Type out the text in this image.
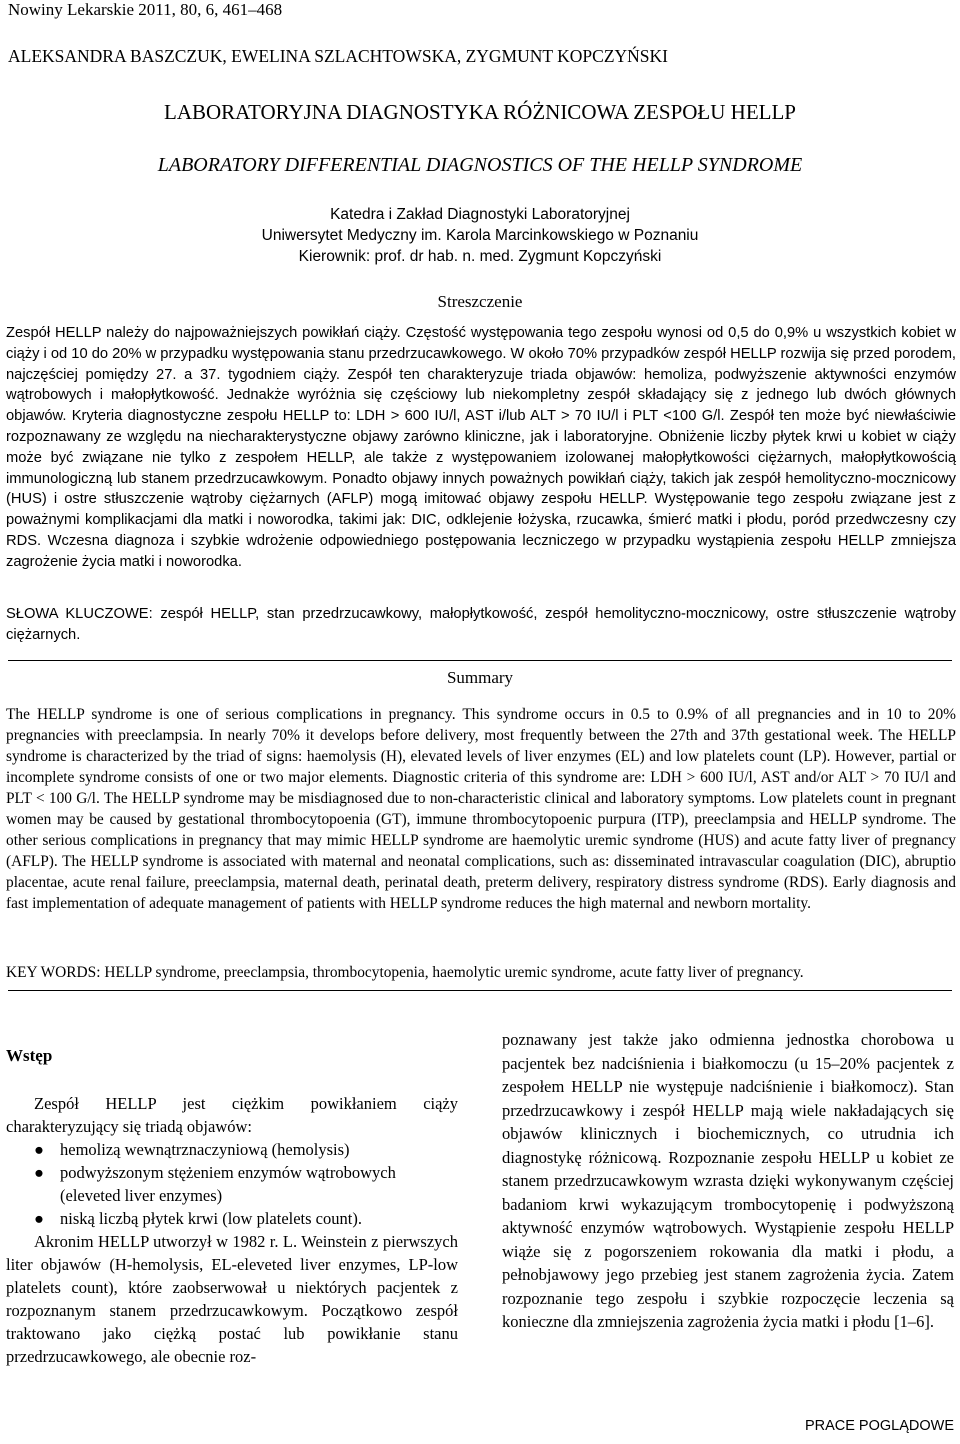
Nowiny Lekarskie 2011, 80, 6, 461–468
ALEKSANDRA BASZCZUK, EWELINA SZLACHTOWSKA, ZYGMUNT KOPCZYŃSKI
LABORATORYJNA DIAGNOSTYKA RÓŻNICOWA ZESPOŁU HELLP
LABORATORY DIFFERENTIAL DIAGNOSTICS OF THE HELLP SYNDROME
Katedra i Zakład Diagnostyki Laboratoryjnej
Uniwersytet Medyczny im. Karola Marcinkowskiego w Poznaniu
Kierownik: prof. dr hab. n. med. Zygmunt Kopczyński
Streszczenie
Zespół HELLP należy do najpoważniejszych powikłań ciąży. Częstość występowania tego zespołu wynosi od 0,5 do 0,9% u wszystkich kobiet w ciąży i od 10 do 20% w przypadku występowania stanu przedrzucawkowego. W około 70% przypadków zespół HELLP rozwija się przed porodem, najczęściej pomiędzy 27. a 37. tygodniem ciąży. Zespół ten charakteryzuje triada objawów: hemoliza, podwyższenie aktywności enzymów wątrobowych i małopłytkowość. Jednakże wyróżnia się częściowy lub niekompletny zespół składający się z jednego lub dwóch głównych objawów. Kryteria diagnostyczne zespołu HELLP to: LDH > 600 IU/l, AST i/lub ALT > 70 IU/l i PLT <100 G/l. Zespół ten może być niewłaściwie rozpoznawany ze względu na niecharakterystyczne objawy zarówno kliniczne, jak i laboratoryjne. Obniżenie liczby płytek krwi u kobiet w ciąży może być związane nie tylko z zespołem HELLP, ale także z występowaniem izolowanej małopłytkowości ciężarnych, małopłytkowością immunologiczną lub stanem przedrzucawkowym. Ponadto objawy innych poważnych powikłań ciąży, takich jak zespół hemolityczno-mocznicowy (HUS) i ostre stłuszczenie wątroby ciężarnych (AFLP) mogą imitować objawy zespołu HELLP. Występowanie tego zespołu związane jest z poważnymi komplikacjami dla matki i noworodka, takimi jak: DIC, odklejenie łożyska, rzucawka, śmierć matki i płodu, poród przedwczesny czy RDS. Wczesna diagnoza i szybkie wdrożenie odpowiedniego postępowania leczniczego w przypadku wystąpienia zespołu HELLP zmniejsza zagrożenie życia matki i noworodka.
SŁOWA KLUCZOWE: zespół HELLP, stan przedrzucawkowy, małopłytkowość, zespół hemolityczno-mocznicowy, ostre stłuszczenie wątroby ciężarnych.
Summary
The HELLP syndrome is one of serious complications in pregnancy. This syndrome occurs in 0.5 to 0.9% of all pregnancies and in 10 to 20% pregnancies with preeclampsia. In nearly 70% it develops before delivery, most frequently between the 27th and 37th gestational week. The HELLP syndrome is characterized by the triad of signs: haemolysis (H), elevated levels of liver enzymes (EL) and low platelets count (LP). However, partial or incomplete syndrome consists of one or two major elements. Diagnostic criteria of this syndrome are: LDH > 600 IU/l, AST and/or ALT > 70 IU/l and PLT < 100 G/l. The HELLP syndrome may be misdiagnosed due to non-characteristic clinical and laboratory symptoms. Low platelets count in pregnant women may be caused by gestational thrombocytopoenia (GT), immune thrombocytopoenic purpura (ITP), preeclampsia and HELLP syndrome. The other serious complications in pregnancy that may mimic HELLP syndrome are haemolytic uremic syndrome (HUS) and acute fatty liver of pregnancy (AFLP). The HELLP syndrome is associated with maternal and neonatal complications, such as: disseminated intravascular coagulation (DIC), abruptio placentae, acute renal failure, preeclampsia, maternal death, perinatal death, preterm delivery, respiratory distress syndrome (RDS). Early diagnosis and fast implementation of adequate management of patients with HELLP syndrome reduces the high maternal and newborn mortality.
KEY WORDS: HELLP syndrome, preeclampsia, thrombocytopenia, haemolytic uremic syndrome, acute fatty liver of pregnancy.
Wstęp

Zespół HELLP jest ciężkim powikłaniem ciąży charakteryzujący się triadą objawów:

● hemolizą wewnątrznaczyniową (hemolysis)
● podwyższonym stężeniem enzymów wątrobowych (eleveted liver enzymes)
● niską liczbą płytek krwi (low platelets count).

Akronim HELLP utworzył w 1982 r. L. Weinstein z pierwszych liter objawów (H-hemolysis, EL-eleveted liver enzymes, LP-low platelets count), które zaobserwował u niektórych pacjentek z rozpoznanym stanem przedrzucawkowym. Początkowo zespół traktowano jako ciężką postać lub powikłanie stanu przedrzucawkowego, ale obecnie roz-

poznawany jest także jako odmienna jednostka chorobowa u pacjentek bez nadciśnienia i białkomoczu (u 15–20% pacjentek z zespołem HELLP nie występuje nadciśnienie i białkomocz). Stan przedrzucawkowy i zespół HELLP mają wiele nakładających się objawów klinicznych i biochemicznych, co utrudnia ich diagnostykę różnicową. Rozpoznanie zespołu HELLP u kobiet ze stanem przedrzucawkowym wzrasta dzięki wykonywanym częściej badaniom krwi wykazującym trombocytopenię i podwyższoną aktywność enzymów wątrobowych. Wystąpienie zespołu HELLP wiąże się z pogorszeniem rokowania dla matki i płodu, a pełnobjawowy jego przebieg jest stanem zagrożenia życia. Zatem rozpoznanie tego zespołu i szybkie rozpoczęcie leczenia są konieczne dla zmniejszenia zagrożenia życia matki i płodu [1–6].
PRACE POGLĄDOWE
